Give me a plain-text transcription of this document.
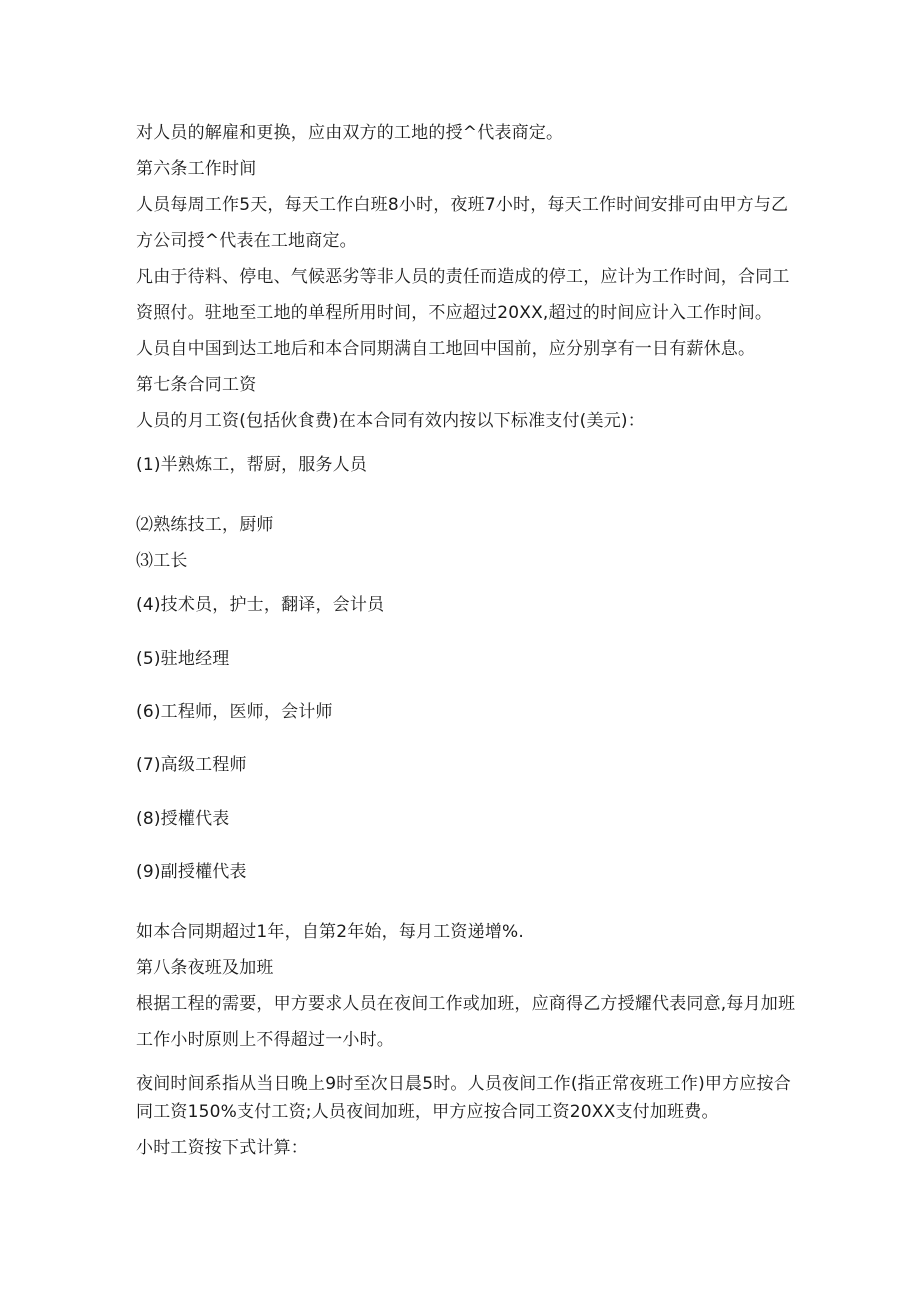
对人员的解雇和更换，应由双方的工地的授^代表商定。
第六条工作时间
人员每周工作5天，每天工作白班8小时，夜班7小时，每天工作时间安排可由甲方与乙
方公司授^代表在工地商定。
凡由于待料、停电、气候恶劣等非人员的责任而造成的停工，应计为工作时间，合同工
资照付。驻地至工地的单程所用时间，不应超过20XX,超过的时间应计入工作时间。
人员自中国到达工地后和本合同期满自工地回中国前，应分别享有一日有薪休息。
第七条合同工资
人员的月工资(包括伙食费)在本合同有效内按以下标准支付(美元)：
(1)半熟炼工，帮厨，服务人员
⑵熟练技工，厨师
⑶工长
(4)技术员，护士，翻译，会计员
(5)驻地经理
(6)工程师，医师，会计师
(7)高级工程师
(8)授權代表
(9)副授權代表
如本合同期超过1年，自第2年始，每月工资递增%.
第八条夜班及加班
根据工程的需要，甲方要求人员在夜间工作或加班，应商得乙方授耀代表同意,每月加班
工作小时原则上不得超过一小时。
夜间时间系指从当日晚上9时至次日晨5时。人员夜间工作(指正常夜班工作)甲方应按合
同工资150%支付工资;人员夜间加班，甲方应按合同工资20XX支付加班费。
小时工资按下式计算：
